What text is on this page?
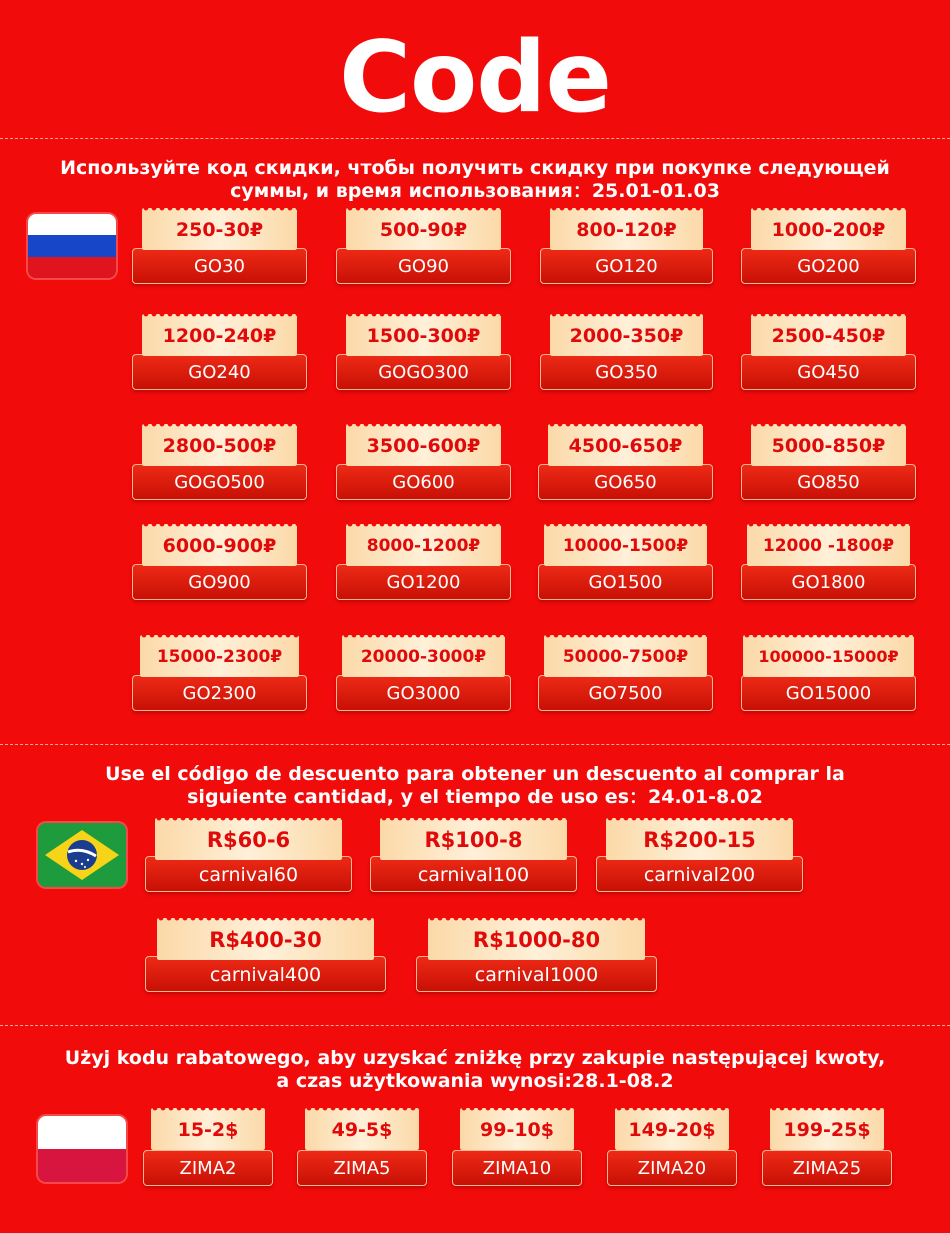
Code
Используйте код скидки, чтобы получить скидку при покупке следующей суммы, и время использования：25.01-01.03
250-30₽
GO30
500-90₽
GO90
800-120₽
GO120
1000-200₽
GO200
1200-240₽
GO240
1500-300₽
GOGO300
2000-350₽
GO350
2500-450₽
GO450
2800-500₽
GOGO500
3500-600₽
GO600
4500-650₽
GO650
5000-850₽
GO850
6000-900₽
GO900
8000-1200₽
GO1200
10000-1500₽
GO1500
12000 -1800₽
GO1800
15000-2300₽
GO2300
20000-3000₽
GO3000
50000-7500₽
GO7500
100000-15000₽
GO15000
Use el código de descuento para obtener un descuento al comprar la siguiente cantidad, y el tiempo de uso es：24.01-8.02
R$60-6
carnival60
R$100-8
carnival100
R$200-15
carnival200
R$400-30
carnival400
R$1000-80
carnival1000
Użyj kodu rabatowego, aby uzyskać zniżkę przy zakupie następującej kwoty, a czas użytkowania wynosi:28.1-08.2
15-2$
ZIMA2
49-5$
ZIMA5
99-10$
ZIMA10
149-20$
ZIMA20
199-25$
ZIMA25
